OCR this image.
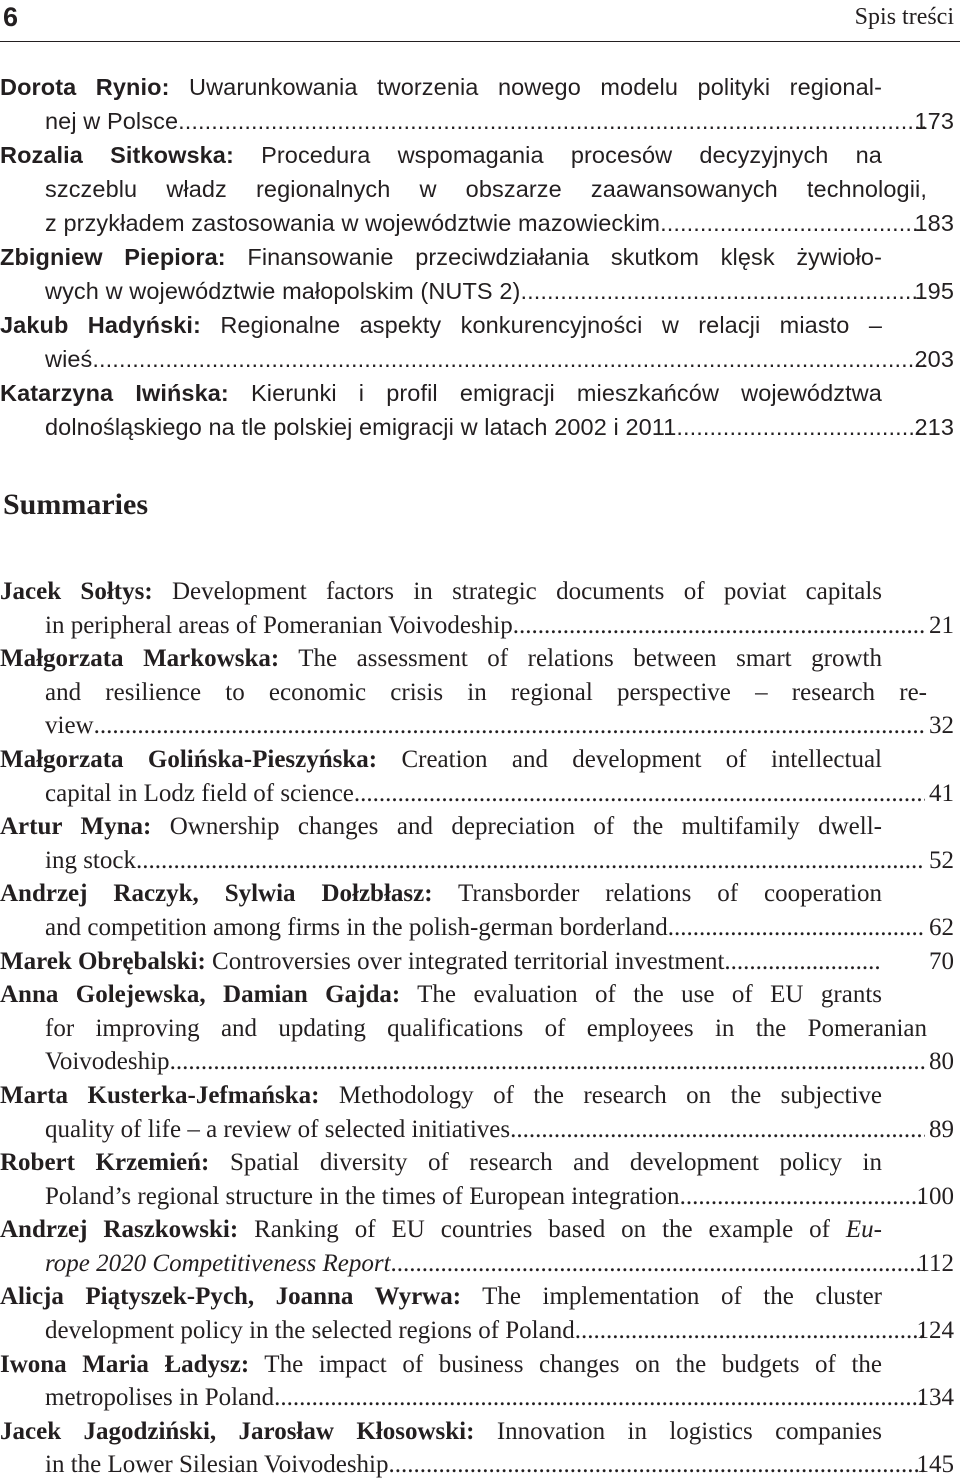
6	Spis treści
Dorota Rynio: Uwarunkowania tworzenia nowego modelu polityki regional-
173
nej w Polsce .....
Rozalia Sitkowska: Procedura wspomagania procesów decyzyjnych na
szczeblu władz regionalnych w obszarze zaawansowanych technologii,
183
z przykładem zastosowania w województwie mazowieckim .....
Zbigniew Piepiora: Finansowanie przeciwdziałania skutkom klęsk żywioło-
195
wych w województwie małopolskim (NUTS 2) .....
Jakub Hadyński: Regionalne aspekty konkurencyjności w relacji miasto –
203
wieś .....
Katarzyna Iwińska: Kierunki i profil emigracji mieszkańców województwa
213
dolnośląskiego na tle polskiej emigracji w latach 2002 i 2011 .....
Summaries
Jacek Sołtys: Development factors in strategic documents of poviat capitals
21
in peripheral areas of Pomeranian Voivodeship .....
Małgorzata Markowska: The assessment of relations between smart growth
and resilience to economic crisis in regional perspective – research re-
32
view .....
Małgorzata Golińska-Pieszyńska: Creation and development of intellectual
41
capital in Lodz field of science .....
Artur Myna: Ownership changes and depreciation of the multifamily dwell-
52
ing stock .....
Andrzej Raczyk, Sylwia Dołzbłasz: Transborder relations of cooperation
62
and competition among firms in the polish-german borderland .....
70
Marek Obrębalski: Controversies over integrated territorial investment .....
Anna Golejewska, Damian Gajda: The evaluation of the use of EU grants
for improving and updating qualifications of employees in the Pomeranian
80
Voivodeship .....
Marta Kusterka-Jefmańska: Methodology of the research on the subjective
89
quality of life – a review of selected initiatives .....
Robert Krzemień: Spatial diversity of research and development policy in
100
Poland’s regional structure in the times of European integration .....
Andrzej Raszkowski: Ranking of EU countries based on the example of Eu-
112
rope 2020 Competitiveness Report .....
Alicja Piątyszek-Pych, Joanna Wyrwa: The implementation of the cluster
124
development policy in the selected regions of Poland .....
Iwona Maria Ładysz: The impact of business changes on the budgets of the
134
metropolises in Poland .....
Jacek Jagodziński, Jarosław Kłosowski: Innovation in logistics companies
145
in the Lower Silesian Voivodeship .....
